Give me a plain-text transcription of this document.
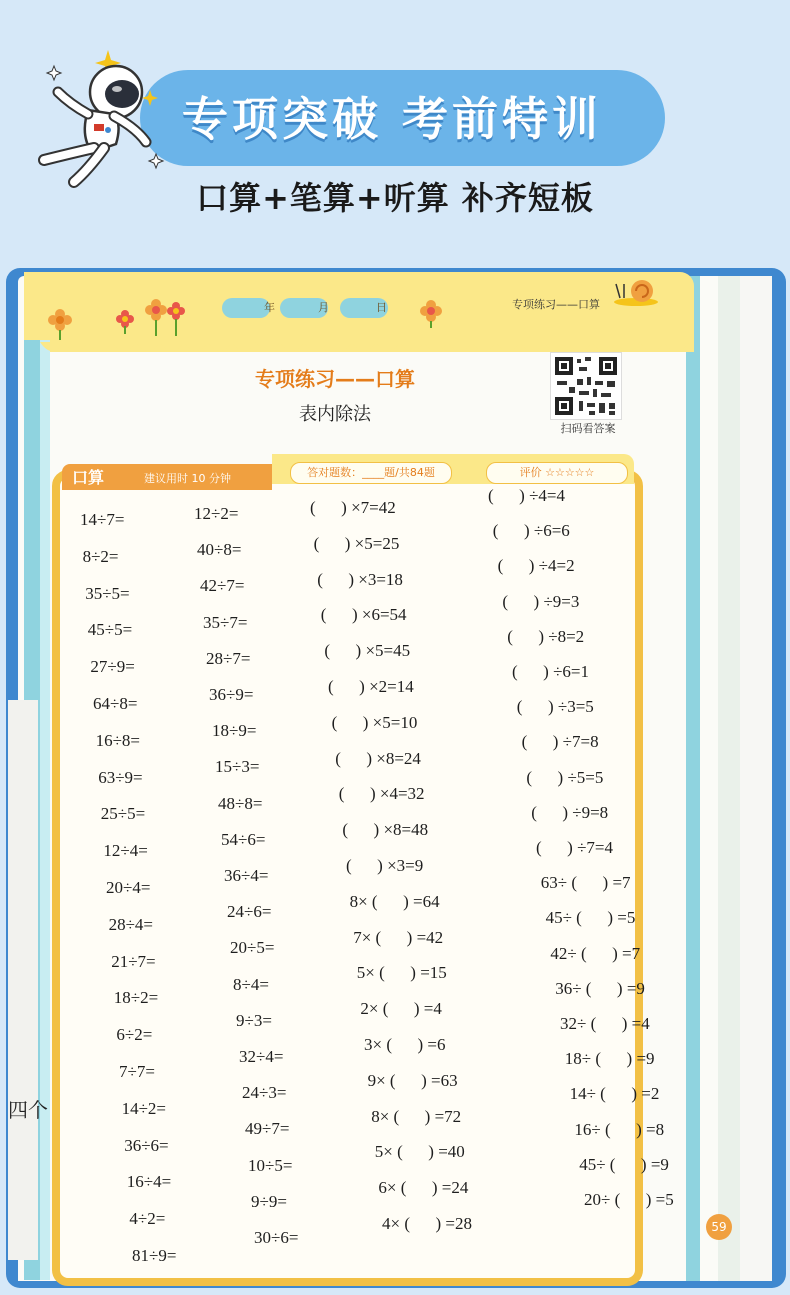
专项突破 考前特训
口算+笔算+听算 补齐短板
四个
年	月	日	专项练习——口算
专项练习——口算
表内除法
扫码看答案
口算	建议用时 10 分钟	答对题数：____题/共84题	评价 ☆☆☆☆☆
14÷7=
8÷2=
35÷5=
45÷5=
27÷9=
64÷8=
16÷8=
63÷9=
25÷5=
12÷4=
20÷4=
28÷4=
21÷7=
18÷2=
6÷2=
7÷7=
14÷2=
36÷6=
16÷4=
4÷2=
81÷9=
12÷2=
40÷8=
42÷7=
35÷7=
28÷7=
36÷9=
18÷9=
15÷3=
48÷8=
54÷6=
36÷4=
24÷6=
20÷5=
8÷4=
9÷3=
32÷4=
24÷3=
49÷7=
10÷5=
9÷9=
30÷6=
(      ) ×7=42
(      ) ×5=25
(      ) ×3=18
(      ) ×6=54
(      ) ×5=45
(      ) ×2=14
(      ) ×5=10
(      ) ×8=24
(      ) ×4=32
(      ) ×8=48
(      ) ×3=9
8× (      ) =64
7× (      ) =42
5× (      ) =15
2× (      ) =4
3× (      ) =6
9× (      ) =63
8× (      ) =72
5× (      ) =40
6× (      ) =24
4× (      ) =28
(      ) ÷4=4
(      ) ÷6=6
(      ) ÷4=2
(      ) ÷9=3
(      ) ÷8=2
(      ) ÷6=1
(      ) ÷3=5
(      ) ÷7=8
(      ) ÷5=5
(      ) ÷9=8
(      ) ÷7=4
63÷ (      ) =7
45÷ (      ) =5
42÷ (      ) =7
36÷ (      ) =9
32÷ (      ) =4
18÷ (      ) =9
14÷ (      ) =2
16÷ (      ) =8
45÷ (      ) =9
20÷ (      ) =5
59
